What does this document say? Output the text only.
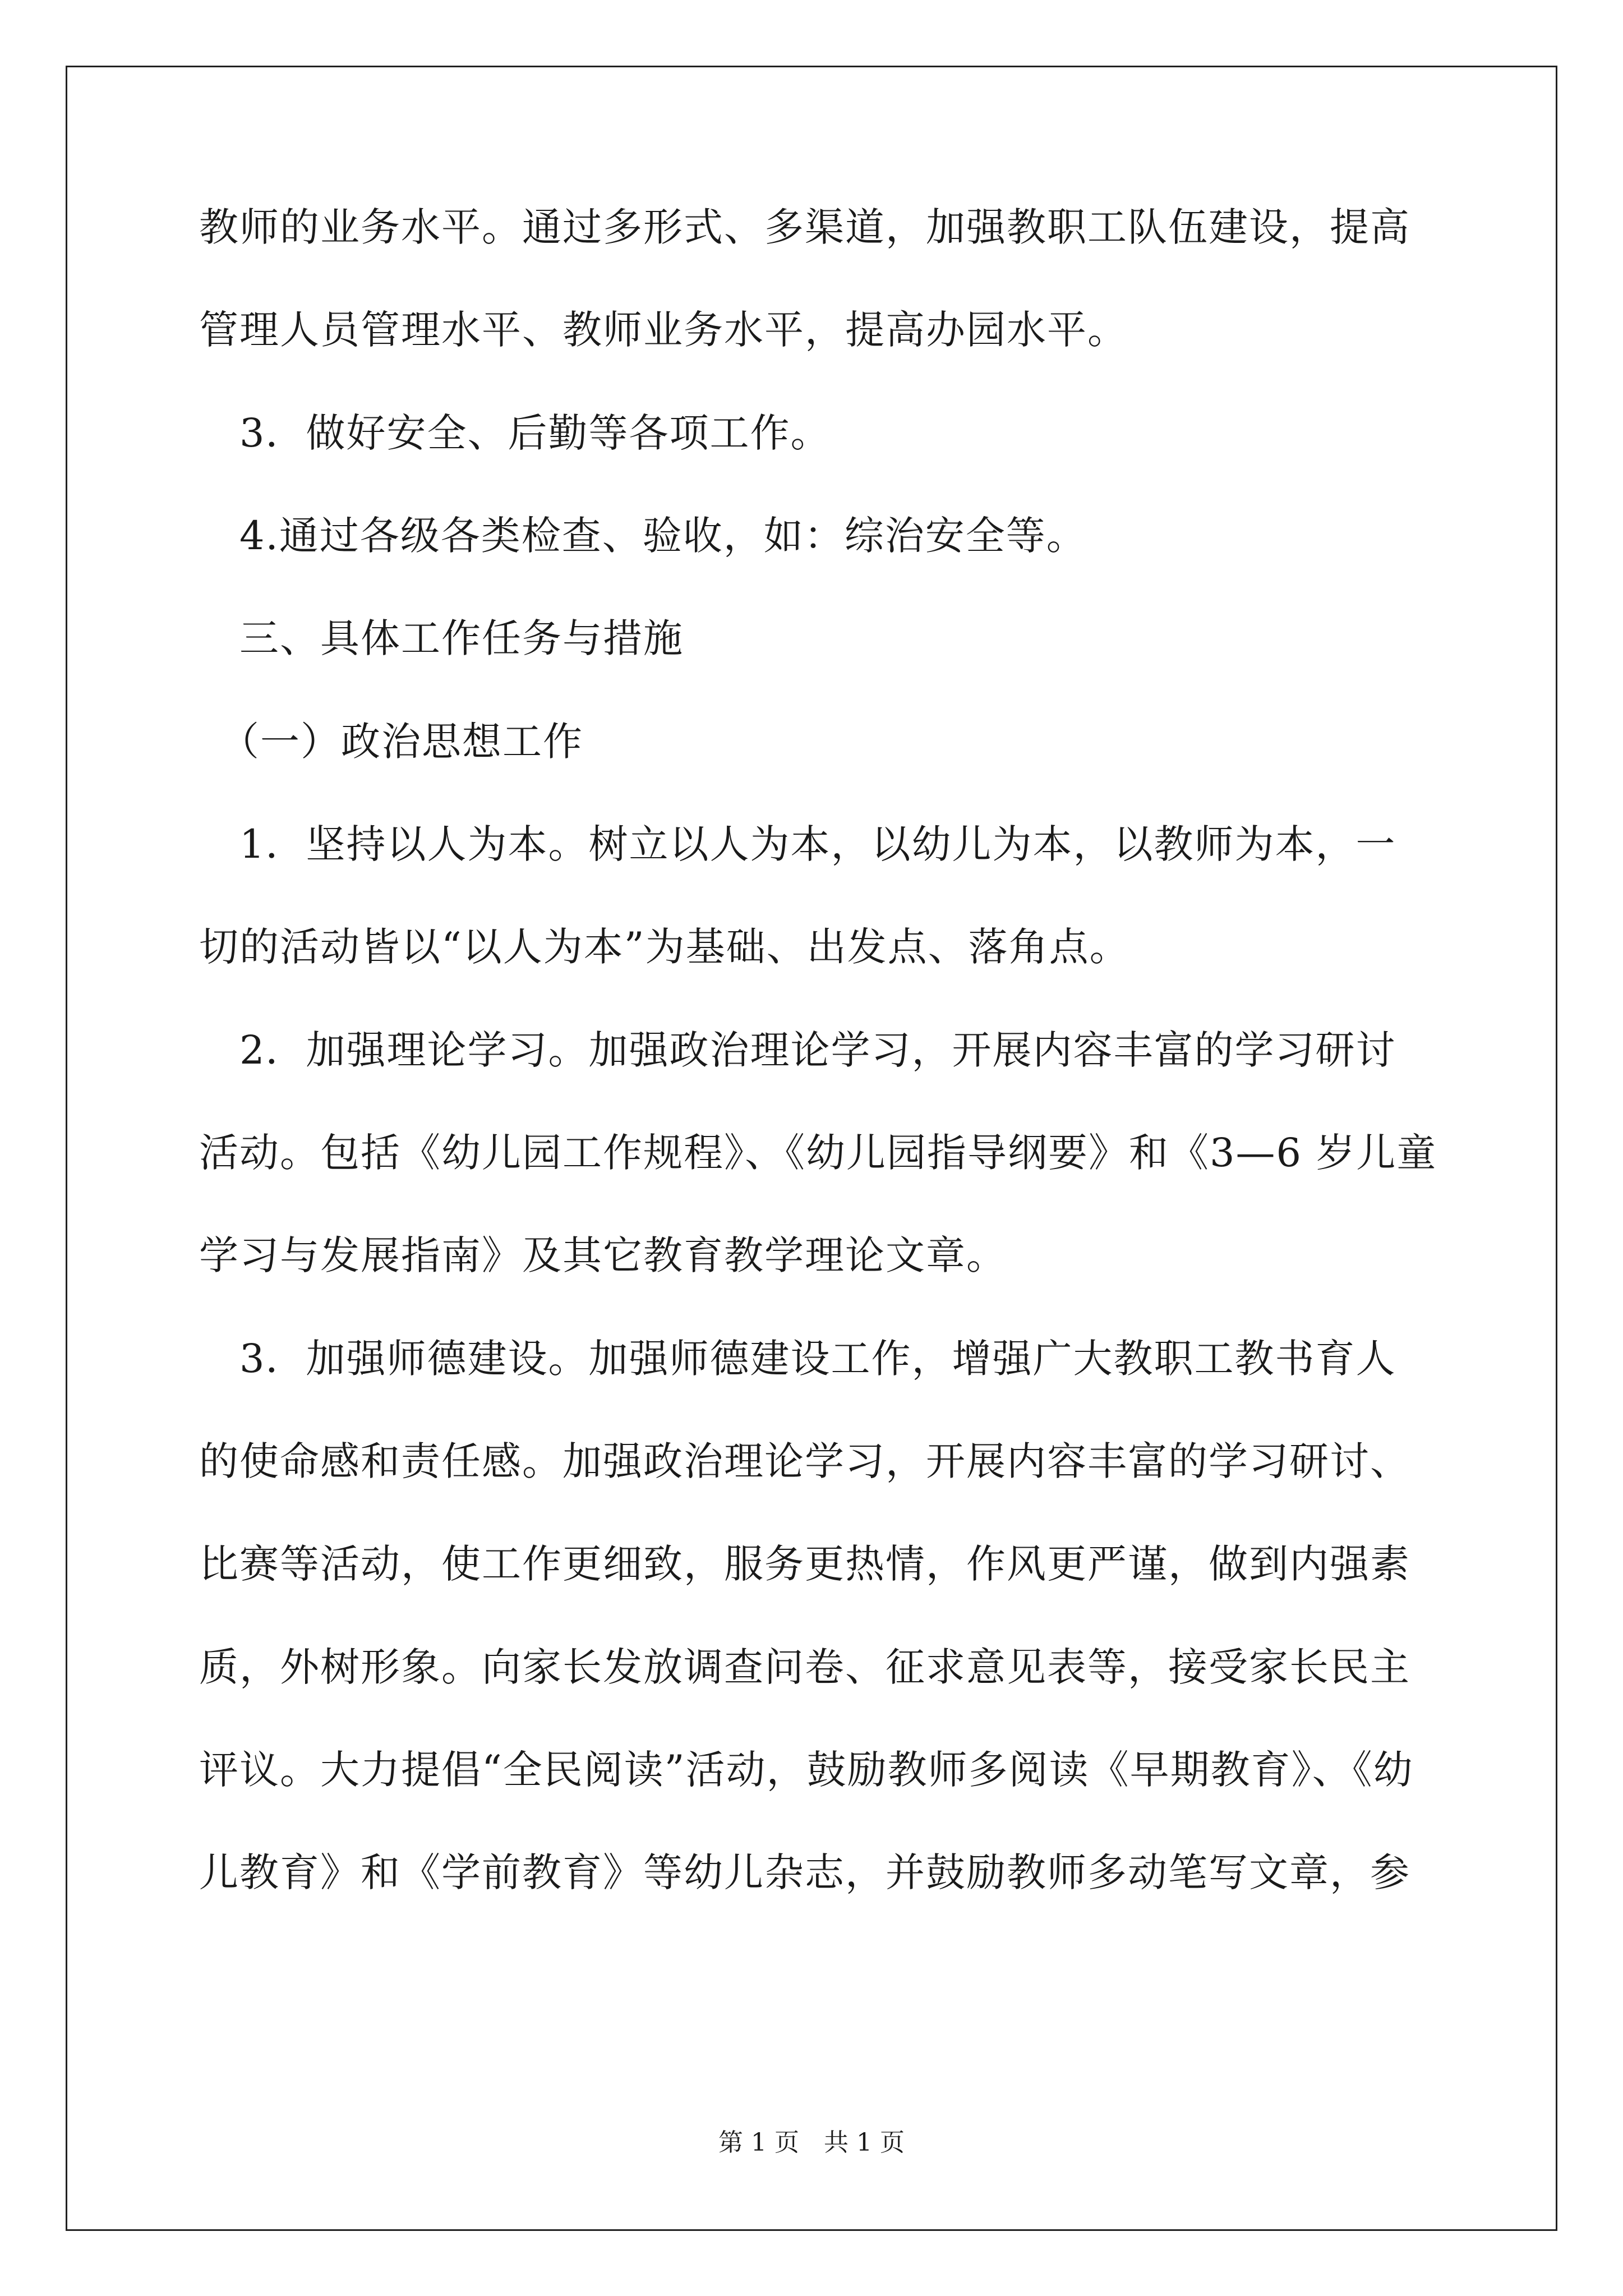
教师的业务水平。通过多形式、多渠道，加强教职工队伍建设，提高
管理人员管理水平、教师业务水平，提高办园水平。
　3．做好安全、后勤等各项工作。
　4.通过各级各类检查、验收，如：综治安全等。
　三、具体工作任务与措施
　（一）政治思想工作
　1．坚持以人为本。树立以人为本，以幼儿为本，以教师为本，一
切的活动皆以“以人为本”为基础、出发点、落角点。
　2．加强理论学习。加强政治理论学习，开展内容丰富的学习研讨
活动。包括《幼儿园工作规程》、《幼儿园指导纲要》和《3—6 岁儿童
学习与发展指南》及其它教育教学理论文章。
　3．加强师德建设。加强师德建设工作，增强广大教职工教书育人
的使命感和责任感。加强政治理论学习，开展内容丰富的学习研讨、
比赛等活动，使工作更细致，服务更热情，作风更严谨，做到内强素
质，外树形象。向家长发放调查问卷、征求意见表等，接受家长民主
评议。大力提倡“全民阅读”活动，鼓励教师多阅读《早期教育》、《幼
儿教育》和《学前教育》等幼儿杂志，并鼓励教师多动笔写文章，参
第 1 页　共 1 页
